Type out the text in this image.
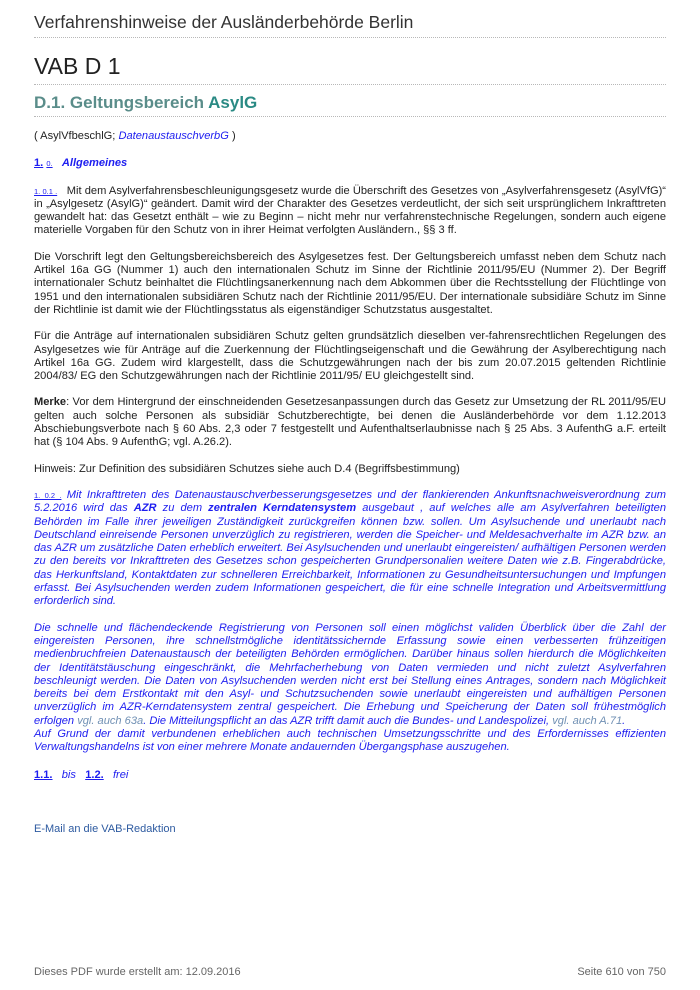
Verfahrenshinweise der Ausländerbehörde Berlin
VAB D 1
D.1. Geltungsbereich AsylG

( AsylVfbeschlG; DatenaustauschverbG )

1. 0. Allgemeines

1. 0.1 . Mit dem Asylverfahrensbeschleunigungsgesetz wurde die Überschrift des Gesetzes von „Asylverfahrensgesetz (AsylVfG)“ in „Asylgesetz (AsylG)“ geändert. Damit wird der Charakter des Gesetzes verdeutlicht, der sich seit ursprünglichem Inkrafttreten gewandelt hat: das Gesetzt enthält – wie zu Beginn – nicht mehr nur verfahrenstechnische Regelungen, sondern auch eigene materielle Vorgaben für den Schutz von in ihrer Heimat verfolgten Ausländern., §§ 3 ff.

Die Vorschrift legt den Geltungsbereichsbereich des Asylgesetzes fest. Der Geltungsbereich umfasst neben dem Schutz nach Artikel 16a GG (Nummer 1) auch den internationalen Schutz im Sinne der Richtlinie 2011/95/EU (Nummer 2). Der Begriff internationaler Schutz beinhaltet die Flüchtlingsanerkennung nach dem Abkommen über die Rechtsstellung der Flüchtlinge von 1951 und den internationalen subsidiären Schutz nach der Richtlinie 2011/95/EU. Der internationale subsidiäre Schutz im Sinne der Richtlinie ist damit wie der Flüchtlingsstatus als eigenständiger Schutzstatus ausgestaltet.

Für die Anträge auf internationalen subsidiären Schutz gelten grundsätzlich dieselben ver-fahrensrechtlichen Regelungen des Asylgesetzes wie für Anträge auf die Zuerkennung der Flüchtlingseigenschaft und die Gewährung der Asylberechtigung nach Artikel 16a GG. Zudem wird klargestellt, dass die Schutzgewährungen nach der bis zum 20.07.2015 geltenden Richtlinie 2004/83/ EG den Schutzgewährungen nach der Richtlinie 2011/95/ EU gleichgestellt sind.

Merke: Vor dem Hintergrund der einschneidenden Gesetzesanpassungen durch das Gesetz zur Umsetzung der RL 2011/95/EU gelten auch solche Personen als subsidiär Schutzberechtigte, bei denen die Ausländerbehörde vor dem 1.12.2013 Abschiebungsverbote nach § 60 Abs. 2,3 oder 7 festgestellt und Aufenthaltserlaubnisse nach § 25 Abs. 3 AufenthG a.F. erteilt hat (§ 104 Abs. 9 AufenthG; vgl. A.26.2).

Hinweis: Zur Definition des subsidiären Schutzes siehe auch D.4 (Begriffsbestimmung)

1. 0.2 . Mit Inkrafttreten des Datenaustauschverbesserungsgesetzes und der flankierenden Ankunftsnachweisverordnung zum 5.2.2016 wird das AZR zu dem zentralen Kerndatensystem ausgebaut , auf welches alle am Asylverfahren beteiligten Behörden im Falle ihrer jeweiligen Zuständigkeit zurückgreifen können bzw. sollen. Um Asylsuchende und unerlaubt nach Deutschland einreisende Personen unverzüglich zu registrieren, werden die Speicher- und Meldesachverhalte im AZR bzw. an das AZR um zusätzliche Daten erheblich erweitert. Bei Asylsuchenden und unerlaubt eingereisten/ aufhältigen Personen werden zu den bereits vor Inkrafttreten des Gesetzes schon gespeicherten Grundpersonalien weitere Daten wie z.B. Fingerabdrücke, das Herkunftsland, Kontaktdaten zur schnelleren Erreichbarkeit, Informationen zu Gesundheitsuntersuchungen und Impfungen erfasst. Bei Asylsuchenden werden zudem Informationen gespeichert, die für eine schnelle Integration und Arbeitsvermittlung erforderlich sind.

Die schnelle und flächendeckende Registrierung von Personen soll einen möglichst validen Überblick über die Zahl der eingereisten Personen, ihre schnellstmögliche identitätssichernde Erfassung sowie einen verbesserten frühzeitigen medienbruchfreien Datenaustausch der beteiligten Behörden ermöglichen. Darüber hinaus sollen hierdurch die Möglichkeiten der Identitätstäuschung eingeschränkt, die Mehrfacherhebung von Daten vermieden und nicht zuletzt Asylverfahren beschleunigt werden. Die Daten von Asylsuchenden werden nicht erst bei Stellung eines Antrages, sondern nach Möglichkeit bereits bei dem Erstkontakt mit den Asyl- und Schutzsuchenden sowie unerlaubt eingereisten und aufhältigen Personen unverzüglich im AZR-Kerndatensystem zentral gespeichert. Die Erhebung und Speicherung der Daten soll frühestmöglich erfolgen vgl. auch 63a. Die Mitteilungspflicht an das AZR trifft damit auch die Bundes- und Landespolizei, vgl. auch A.71.
Auf Grund der damit verbundenen erheblichen auch technischen Umsetzungsschritte und des Erfordernisses effizienten Verwaltungshandelns ist von einer mehrere Monate andauernden Übergangsphase auszugehen.

1.1. bis 1.2. frei

E-Mail an die VAB-Redaktion
Dieses PDF wurde erstellt am: 12.09.2016	Seite 610 von 750
